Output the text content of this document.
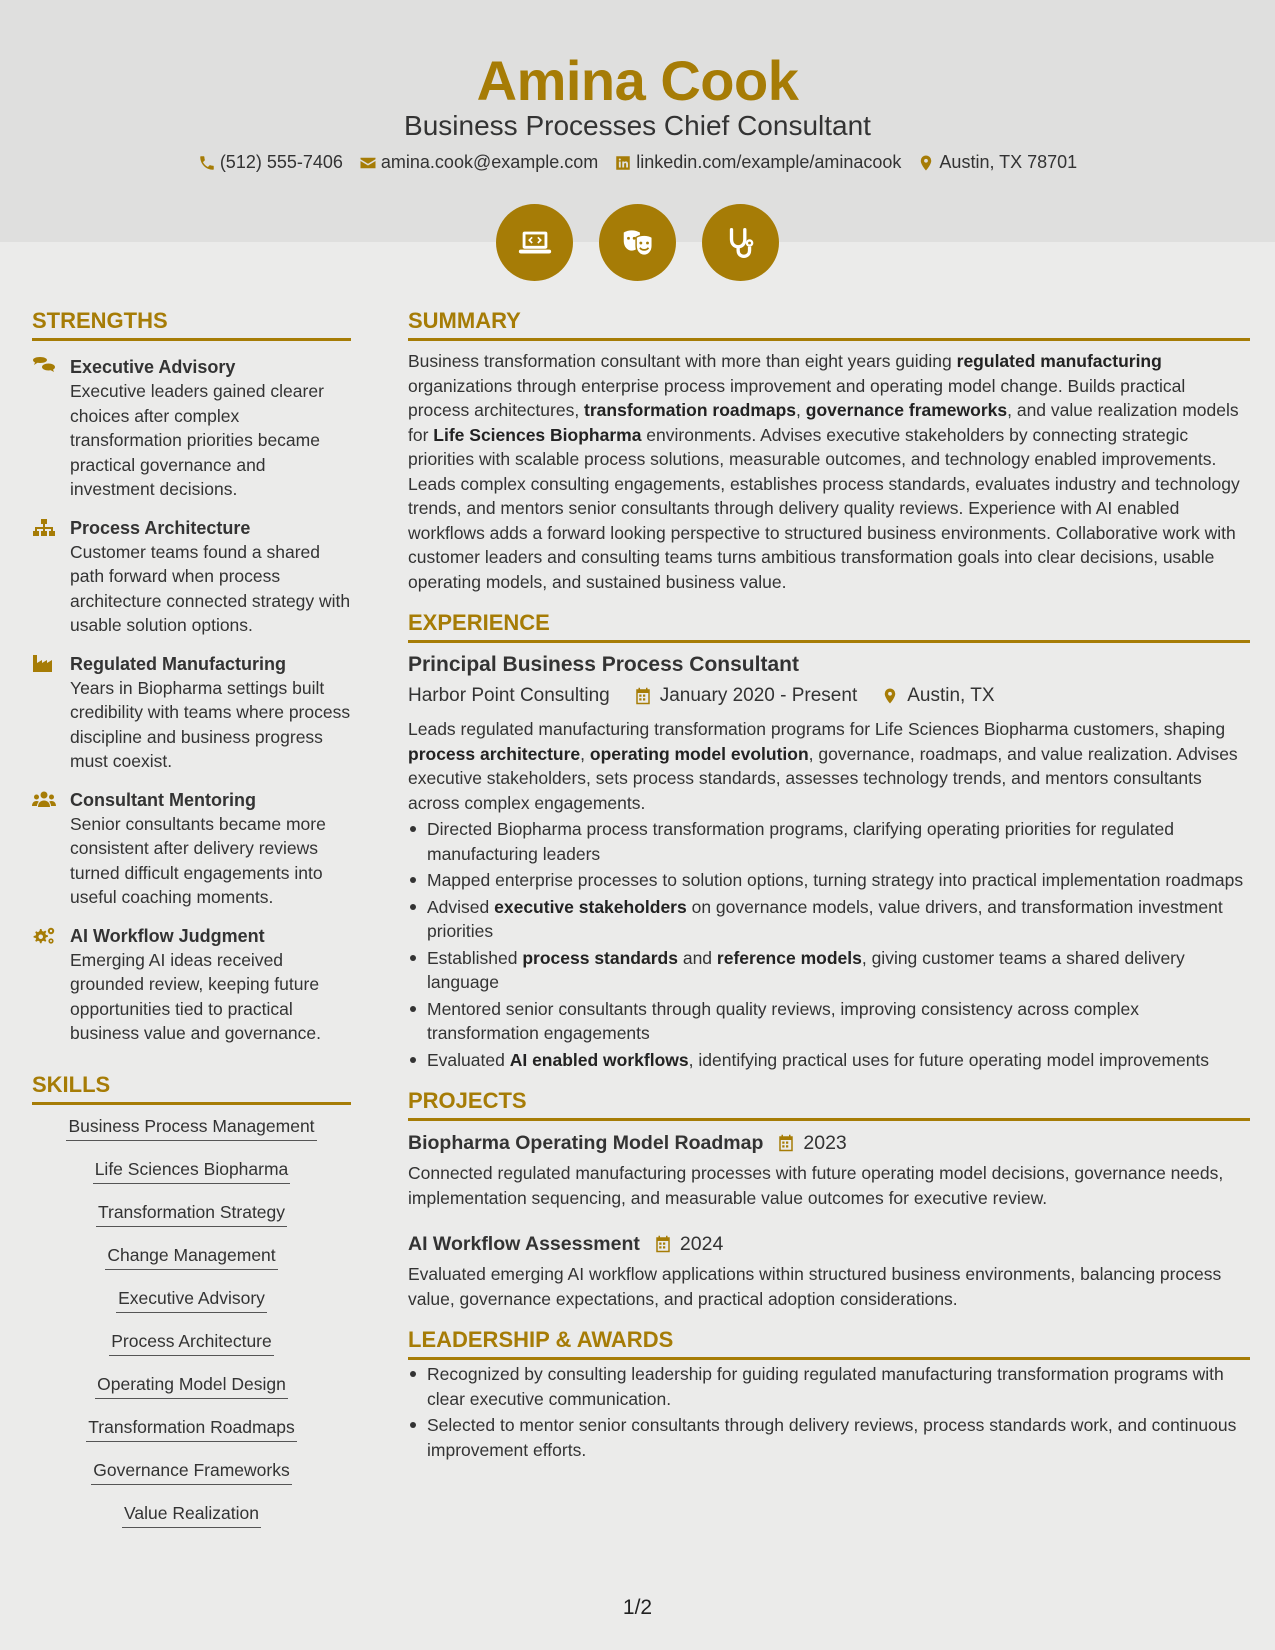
Amina Cook
Business Processes Chief Consultant
(512) 555-7406 amina.cook@example.com linkedin.com/example/aminacook Austin, TX 78701
STRENGTHS
Executive Advisory
Executive leaders gained clearer choices after complex transformation priorities became practical governance and investment decisions.
Process Architecture
Customer teams found a shared path forward when process architecture connected strategy with usable solution options.
Regulated Manufacturing
Years in Biopharma settings built credibility with teams where process discipline and business progress must coexist.
Consultant Mentoring
Senior consultants became more consistent after delivery reviews turned difficult engagements into useful coaching moments.
AI Workflow Judgment
Emerging AI ideas received grounded review, keeping future opportunities tied to practical business value and governance.
SKILLS
Business Process Management
Life Sciences Biopharma
Transformation Strategy
Change Management
Executive Advisory
Process Architecture
Operating Model Design
Transformation Roadmaps
Governance Frameworks
Value Realization
SUMMARY
Business transformation consultant with more than eight years guiding regulated manufacturing organizations through enterprise process improvement and operating model change. Builds practical process architectures, transformation roadmaps, governance frameworks, and value realization models for Life Sciences Biopharma environments. Advises executive stakeholders by connecting strategic priorities with scalable process solutions, measurable outcomes, and technology enabled improvements. Leads complex consulting engagements, establishes process standards, evaluates industry and technology trends, and mentors senior consultants through delivery quality reviews. Experience with AI enabled workflows adds a forward looking perspective to structured business environments. Collaborative work with customer leaders and consulting teams turns ambitious transformation goals into clear decisions, usable operating models, and sustained business value.
EXPERIENCE
Principal Business Process Consultant
Harbor Point Consulting	January 2020 - Present	Austin, TX
Leads regulated manufacturing transformation programs for Life Sciences Biopharma customers, shaping process architecture, operating model evolution, governance, roadmaps, and value realization. Advises executive stakeholders, sets process standards, assesses technology trends, and mentors consultants across complex engagements.
Directed Biopharma process transformation programs, clarifying operating priorities for regulated manufacturing leaders
Mapped enterprise processes to solution options, turning strategy into practical implementation roadmaps
Advised executive stakeholders on governance models, value drivers, and transformation investment priorities
Established process standards and reference models, giving customer teams a shared delivery language
Mentored senior consultants through quality reviews, improving consistency across complex transformation engagements
Evaluated AI enabled workflows, identifying practical uses for future operating model improvements
PROJECTS
Biopharma Operating Model Roadmap 2023
Connected regulated manufacturing processes with future operating model decisions, governance needs, implementation sequencing, and measurable value outcomes for executive review.
AI Workflow Assessment 2024
Evaluated emerging AI workflow applications within structured business environments, balancing process value, governance expectations, and practical adoption considerations.
LEADERSHIP & AWARDS
Recognized by consulting leadership for guiding regulated manufacturing transformation programs with clear executive communication.
Selected to mentor senior consultants through delivery reviews, process standards work, and continuous improvement efforts.
1/2
